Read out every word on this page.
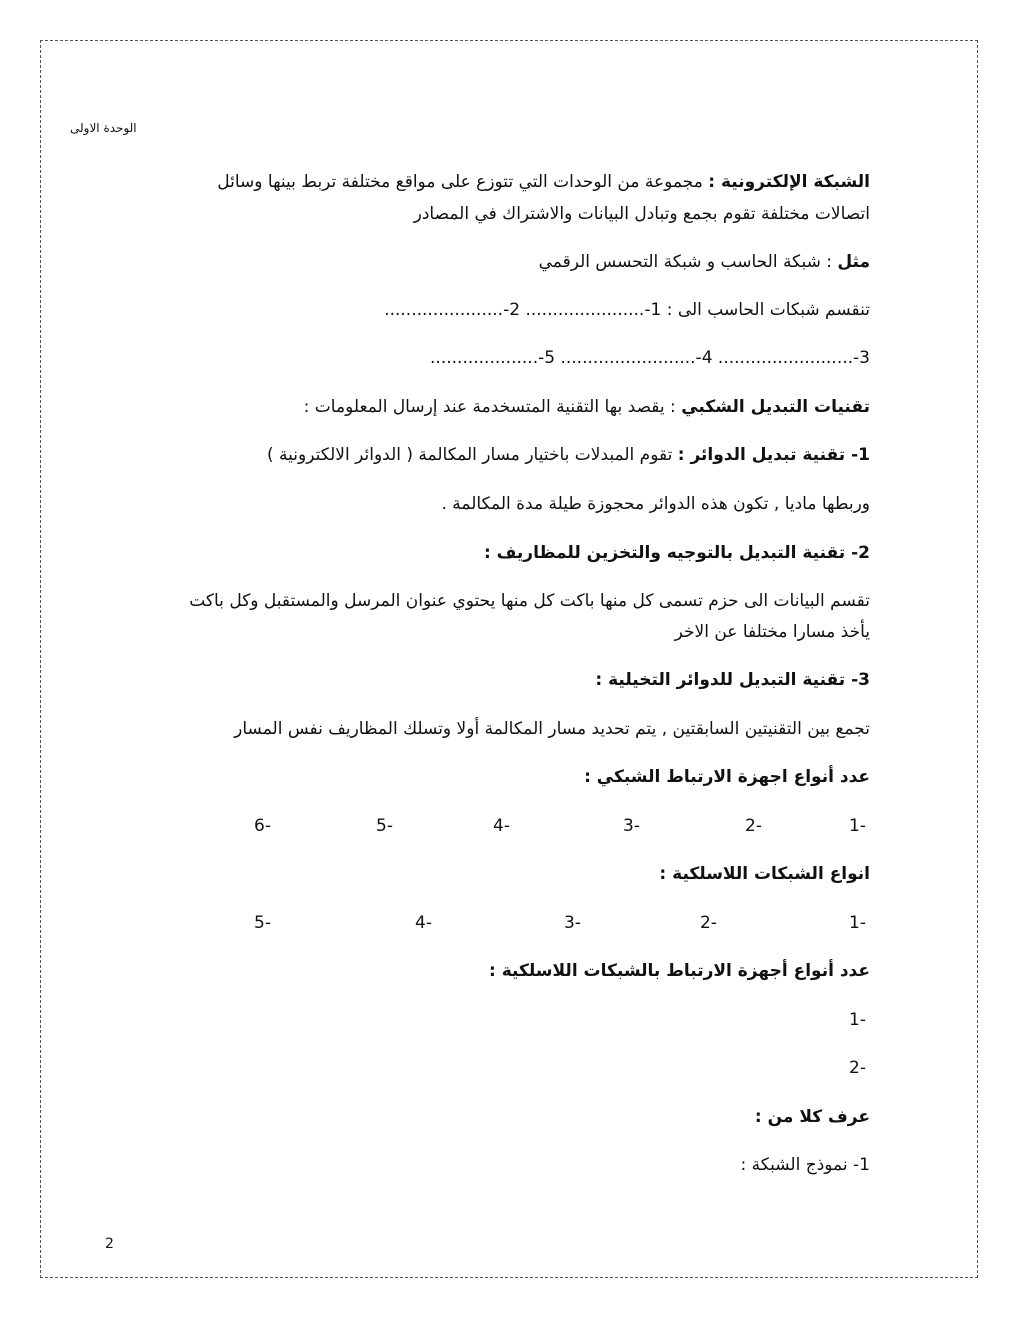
الوحدة الاولى
الشبكة الإلكترونية : مجموعة من الوحدات التي تتوزع على مواقع مختلفة تربط بينها وسائل
اتصالات مختلفة تقوم بجمع وتبادل البيانات والاشتراك في المصادر
مثل : شبكة الحاسب و شبكة التحسس الرقمي
تنقسم شبكات الحاسب الى : 1-...................... 2-......................
3-......................... 4-......................... 5-....................
تقنيات التبديل الشكبي : يقصد بها التقنية المتسخدمة عند إرسال المعلومات :
1- تقنية تبديل الدوائر : تقوم المبدلات باختيار مسار المكالمة ( الدوائر الالكترونية )
وربطها ماديا , تكون هذه الدوائر محجوزة طيلة مدة المكالمة .
2- تقنية التبديل بالتوجيه والتخزين للمظاريف :
تقسم البيانات الى حزم تسمى كل منها باكت كل منها يحتوي عنوان المرسل والمستقبل وكل باكت
يأخذ مسارا مختلفا عن الاخر
3- تقنية التبديل للدوائر التخيلية :
تجمع بين التقنيتين السابقتين , يتم تحديد مسار المكالمة أولا وتسلك المظاريف نفس المسار
عدد أنواع اجهزة الارتباط الشبكي :
1-
2-
3-
4-
5-
6-
انواع الشبكات اللاسلكية :
1-
2-
3-
4-
5-
عدد أنواع أجهزة الارتباط بالشبكات اللاسلكية :
1-
2-
عرف كلا من :
1- نموذج الشبكة :
2
